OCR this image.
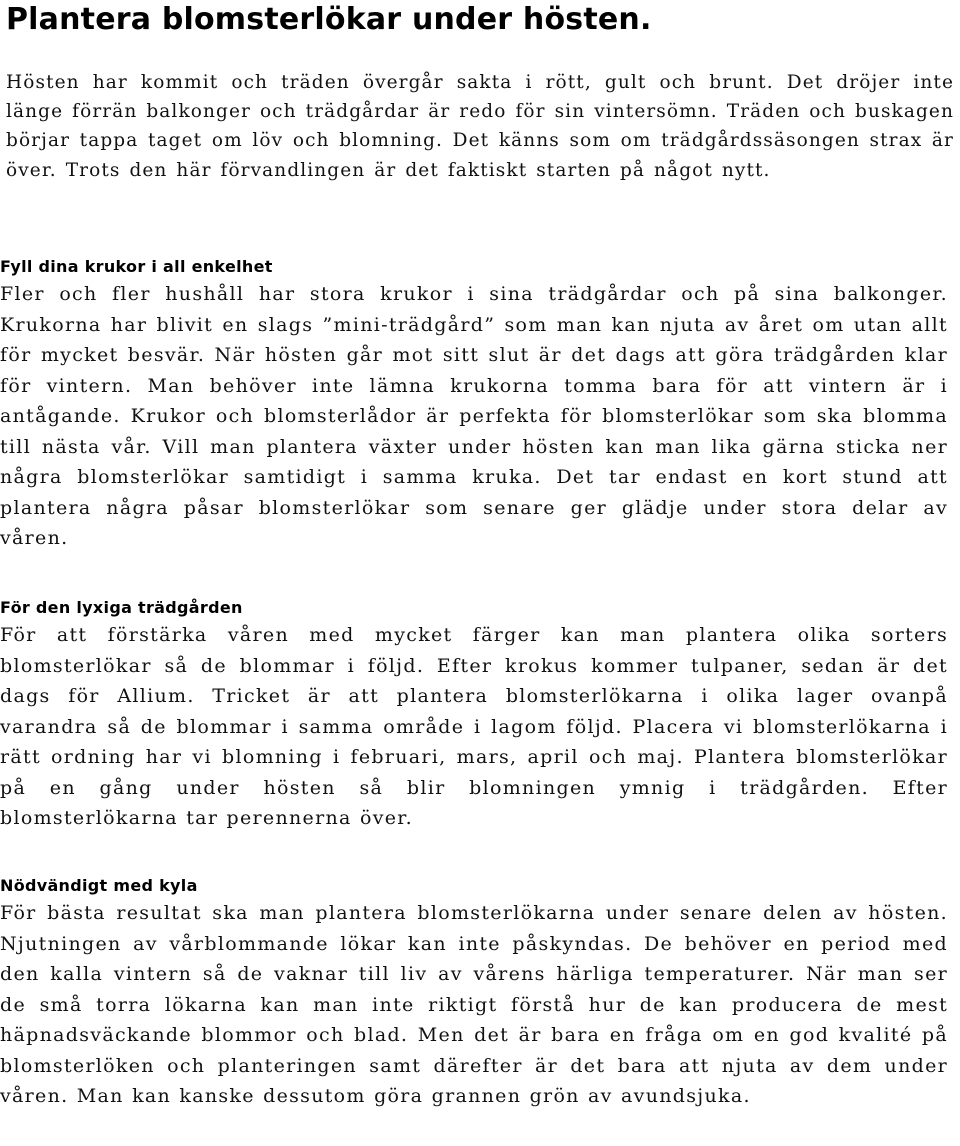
Plantera blomsterlökar under hösten.

Hösten har kommit och träden övergår sakta i rött, gult och brunt. Det dröjer inte länge förrän balkonger och trädgårdar är redo för sin vintersömn. Träden och buskagen börjar tappa taget om löv och blomning. Det känns som om trädgårdssäsongen strax är över. Trots den här förvandlingen är det faktiskt starten på något nytt.

Fyll dina krukor i all enkelhet

Fler och fler hushåll har stora krukor i sina trädgårdar och på sina balkonger. Krukorna har blivit en slags ”mini-trädgård” som man kan njuta av året om utan allt för mycket besvär. När hösten går mot sitt slut är det dags att göra trädgården klar för vintern. Man behöver inte lämna krukorna tomma bara för att vintern är i antågande. Krukor och blomsterlådor är perfekta för blomsterlökar som ska blomma till nästa vår. Vill man plantera växter under hösten kan man lika gärna sticka ner några blomsterlökar samtidigt i samma kruka. Det tar endast en kort stund att plantera några påsar blomsterlökar som senare ger glädje under stora delar av våren.

För den lyxiga trädgården

För att förstärka våren med mycket färger kan man plantera olika sorters blomsterlökar så de blommar i följd. Efter krokus kommer tulpaner, sedan är det dags för Allium. Tricket är att plantera blomsterlökarna i olika lager ovanpå varandra så de blommar i samma område i lagom följd. Placera vi blomsterlökarna i rätt ordning har vi blomning i februari, mars, april och maj. Plantera blomsterlökar på en gång under hösten så blir blomningen ymnig i trädgården. Efter blomsterlökarna tar perennerna över.

Nödvändigt med kyla

För bästa resultat ska man plantera blomsterlökarna under senare delen av hösten. Njutningen av vårblommande lökar kan inte påskyndas. De behöver en period med den kalla vintern så de vaknar till liv av vårens härliga temperaturer. När man ser de små torra lökarna kan man inte riktigt förstå hur de kan producera de mest häpnadsväckande blommor och blad. Men det är bara en fråga om en god kvalité på blomsterlöken och planteringen samt därefter är det bara att njuta av dem under våren. Man kan kanske dessutom göra grannen grön av avundsjuka.
